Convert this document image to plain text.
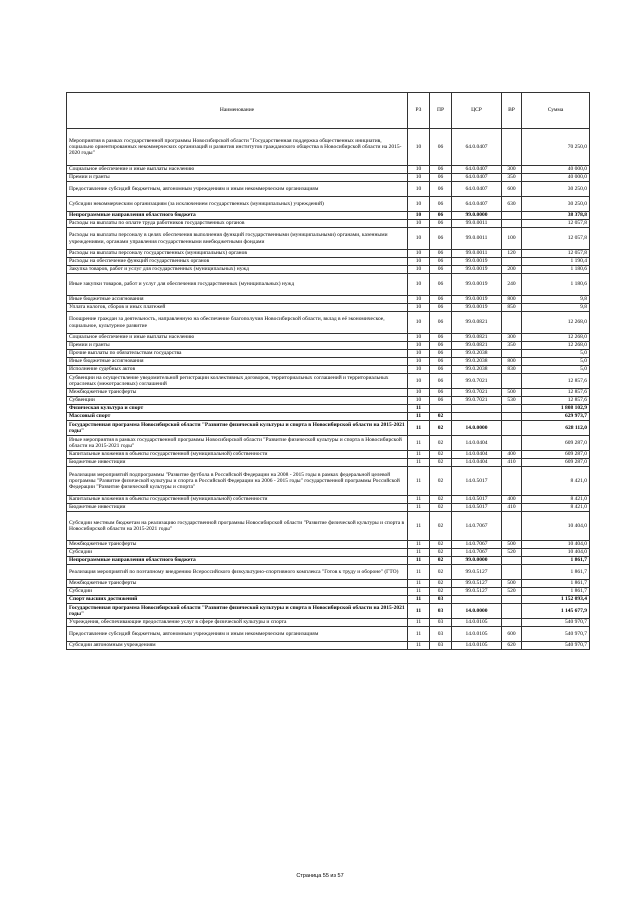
Наименование	РЗ	ПР	ЦСР	ВР	Сумма
Мероприятия в рамках государственной программы Новосибирской области "Государственная поддержка общественных инициатив, социально ориентированных некоммерческих организаций и развития институтов гражданского общества в Новосибирской области на 2015-2020 годы"	10	06	64.0.0407		70 250,0
Социальное обеспечение и иные выплаты населению	10	06	64.0.0407	300	40 000,0
Премии и гранты	10	06	64.0.0407	350	40 000,0
Предоставление субсидий бюджетным, автономным учреждениям и иным некоммерческим организациям	10	06	64.0.0407	600	30 250,0
Субсидии некоммерческим организациям (за исключением государственных (муниципальных) учреждений)	10	06	64.0.0407	630	30 250,0
Непрограммные направления областного бюджета	10	06	99.0.0000		38 378,8
Расходы на выплаты по оплате труда работников государственных органов	10	06	99.0.0011		12 057,8
Расходы на выплаты персоналу в целях обеспечения выполнения функций государственными (муниципальными) органами, казенными учреждениями, органами управления государственными внебюджетными фондами	10	06	99.0.0011	100	12 057,8
Расходы на выплаты персоналу государственных (муниципальных) органов	10	06	99.0.0011	120	12 057,8
Расходы на обеспечение функций государственных органов	10	06	99.0.0019		1 190,4
Закупка товаров, работ и услуг для государственных (муниципальных) нужд	10	06	99.0.0019	200	1 180,6
Иные закупки товаров, работ и услуг для обеспечения государственных (муниципальных) нужд	10	06	99.0.0019	240	1 180,6
Иные бюджетные ассигнования	10	06	99.0.0019	800	9,8
Уплата налогов, сборов и иных платежей	10	06	99.0.0019	850	9,8
Поощрение граждан за деятельность, направленную на обеспечение благополучия Новосибирской области, вклад в её экономическое, социальное, культурное развитие	10	06	99.0.0821		12 268,0
Социальное обеспечение и иные выплаты населению	10	06	99.0.0821	300	12 268,0
Премии и гранты	10	06	99.0.0821	350	12 268,0
Прочие выплаты по обязательствам государства	10	06	99.0.2038		5,0
Иные бюджетные ассигнования	10	06	99.0.2038	800	5,0
Исполнение судебных актов	10	06	99.0.2038	830	5,0
Субвенции на осуществление уведомительной регистрации коллективных договоров, территориальных соглашений и территориальных отраслевых (межотраслевых) соглашений	10	06	99.0.7021		12 857,6
Межбюджетные трансферты	10	06	99.0.7021	500	12 857,6
Субвенции	10	06	99.0.7021	530	12 857,6
Физическая культура и спорт	11				1 808 102,9
Массовый спорт	11	02			629 973,7
Государственная программа Новосибирской области "Развитие физической культуры и спорта в Новосибирской области на 2015-2021 годы"	11	02	14.0.0000		628 112,0
Иные мероприятия в рамках государственной программы Новосибирской области "Развитие физической культуры и спорта в Новосибирской области на 2015-2021 годы"	11	02	14.0.0404		609 287,0
Капитальные вложения в объекты государственной (муниципальной) собственности	11	02	14.0.0404	400	609 287,0
Бюджетные инвестиции	11	02	14.0.0404	410	609 287,0
Реализация мероприятий подпрограммы "Развитие футбола в Российской Федерации на 2008 - 2015 годы в рамках федеральной целевой программы "Развитие физической культуры и спорта в Российской Федерации на 2006 - 2015 годы" государственной программы Российской Федерации "Развитие физической культуры и спорта"	11	02	14.0.5017		8 421,0
Капитальные вложения в объекты государственной (муниципальной) собственности	11	02	14.0.5017	400	8 421,0
Бюджетные инвестиции	11	02	14.0.5017	410	8 421,0
Субсидии местным бюджетам на реализацию государственной программы Новосибирской области "Развитие физической культуры и спорта в Новосибирской области на 2015-2021 годы"	11	02	14.0.7067		10 404,0
Межбюджетные трансферты	11	02	14.0.7067	500	10 404,0
Субсидии	11	02	14.0.7067	520	10 404,0
Непрограммные направления областного бюджета	11	02	99.0.0000		1 861,7
Реализация мероприятий по поэтапному внедрению Всероссийского физкультурно-спортивного комплекса "Готов к труду и обороне" (ГТО)	11	02	99.0.5127		1 861,7
Межбюджетные трансферты	11	02	99.0.5127	500	1 861,7
Субсидии	11	02	99.0.5127	520	1 861,7
Спорт высших достижений	11	03			1 152 093,4
Государственная программа Новосибирской области "Развитие физической культуры и спорта в Новосибирской области на 2015-2021 годы"	11	03	14.0.0000		1 145 677,9
Учреждения, обеспечивающие предоставление услуг в сфере физической культуры и спорта	11	03	14.0.0105		540 970,7
Предоставление субсидий бюджетным, автономным учреждениям и иным некоммерческим организациям	11	03	14.0.0105	600	540 970,7
Субсидии автономным учреждениям	11	03	14.0.0105	620	540 970,7
Страница 55 из 57
